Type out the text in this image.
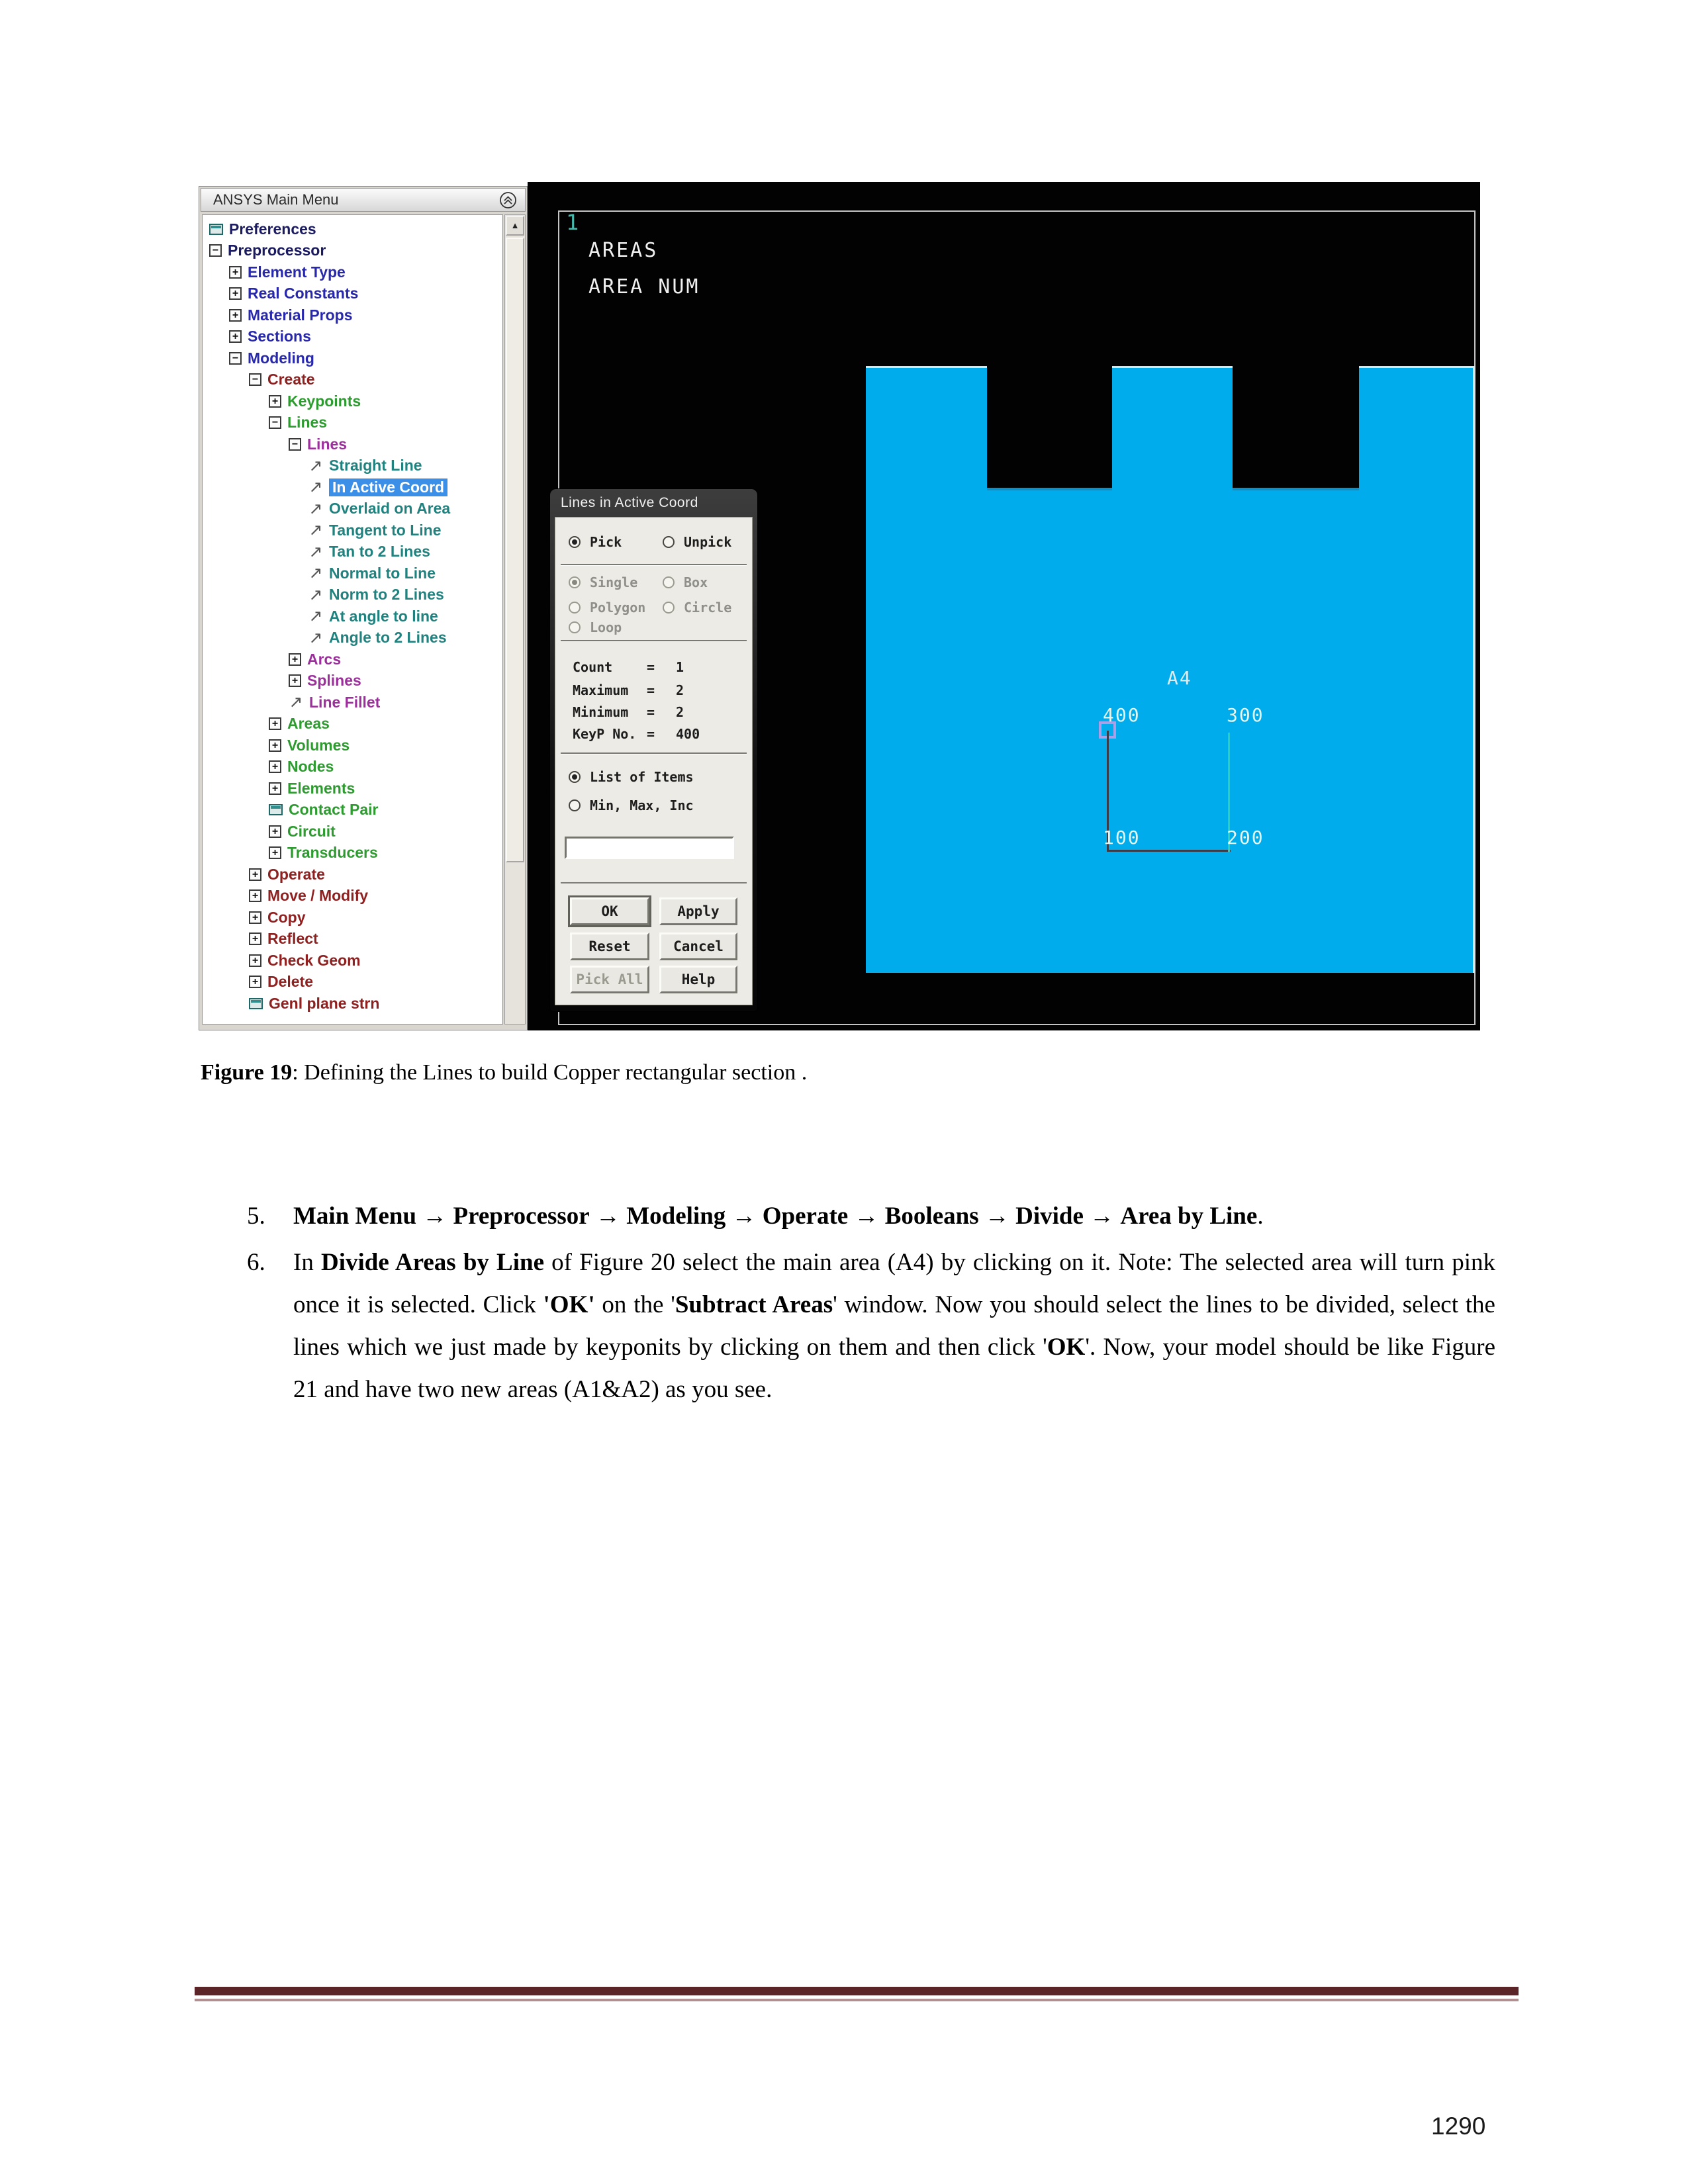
ANSYS Main Menu
Preferences
− Preprocessor
+ Element Type
+ Real Constants
+ Material Props
+ Sections
− Modeling
− Create
+ Keypoints
− Lines
− Lines
↗ Straight Line
↗ In Active Coord
↗ Overlaid on Area
↗ Tangent to Line
↗ Tan to 2 Lines
↗ Normal to Line
↗ Norm to 2 Lines
↗ At angle to line
↗ Angle to 2 Lines
+ Arcs
+ Splines
↗ Line Fillet
+ Areas
+ Volumes
+ Nodes
+ Elements
Contact Pair
+ Circuit
+ Transducers
+ Operate
+ Move / Modify
+ Copy
+ Reflect
+ Check Geom
+ Delete
Genl plane strn
▲ 1
AREAS
AREA NUM
A4
400	300
100	200
Lines in Active Coord
Pick	Unpick
Single	Box
Polygon	Circle
Loop
Count	= 1
Maximum = 2
Minimum = 2
KeyP No. = 400
List of Items
Min, Max, Inc
OK	Apply
Reset	Cancel
Pick All	Help
Figure 19: Defining the Lines to build Copper rectangular section .
5.	Main Menu → Preprocessor → Modeling → Operate → Booleans → Divide → Area by Line.
6.	In Divide Areas by Line of Figure 20 select the main area (A4) by clicking on it. Note: The selected area will turn pink once it is selected. Click 'OK' on the 'Subtract Areas' window. Now you should select the lines to be divided, select the lines which we just made by keyponits by clicking on them and then click 'OK'. Now, your model should be like Figure 21 and have two new areas (A1&A2) as you see.
1290
